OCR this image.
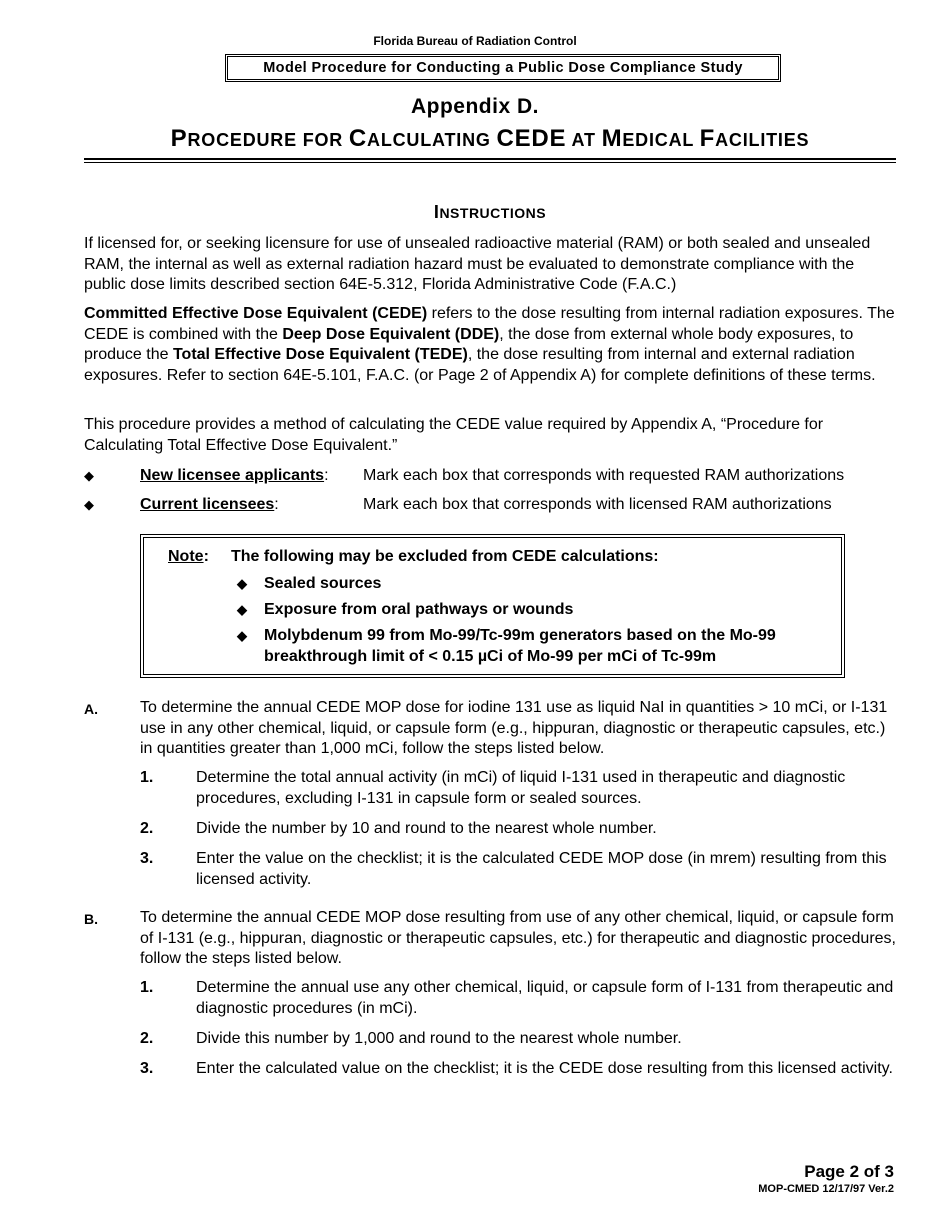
Florida Bureau of Radiation Control
Model Procedure for Conducting a Public Dose Compliance Study
Appendix D.
PROCEDURE FOR CALCULATING CEDE AT MEDICAL FACILITIES
INSTRUCTIONS

If licensed for, or seeking licensure for use of unsealed radioactive material (RAM) or both sealed and unsealed RAM, the internal as well as external radiation hazard must be evaluated to demonstrate compliance with the public dose limits described section 64E-5.312, Florida Administrative Code (F.A.C.)

Committed Effective Dose Equivalent (CEDE) refers to the dose resulting from internal radiation exposures. The CEDE is combined with the Deep Dose Equivalent (DDE), the dose from external whole body exposures, to produce the Total Effective Dose Equivalent (TEDE), the dose resulting from internal and external radiation exposures. Refer to section 64E-5.101, F.A.C. (or Page 2 of Appendix A) for complete definitions of these terms.

This procedure provides a method of calculating the CEDE value required by Appendix A, “Procedure for Calculating Total Effective Dose Equivalent.”

◆	New licensee applicants: Mark each box that corresponds with requested RAM authorizations
◆	Current licensees:	Mark each box that corresponds with licensed RAM authorizations
Note: The following may be excluded from CEDE calculations:
◆ Sealed sources
◆ Exposure from oral pathways or wounds
◆ Molybdenum 99 from Mo-99/Tc-99m generators based on the Mo-99 breakthrough limit of < 0.15 µCi of Mo-99 per mCi of Tc-99m
A.	To determine the annual CEDE MOP dose for iodine 131 use as liquid NaI in quantities > 10 mCi, or I-131 use in any other chemical, liquid, or capsule form (e.g., hippuran, diagnostic or therapeutic capsules, etc.) in quantities greater than 1,000 mCi, follow the steps listed below.
1.	Determine the total annual activity (in mCi) of liquid I-131 used in therapeutic and diagnostic procedures, excluding I-131 in capsule form or sealed sources.
2.	Divide the number by 10 and round to the nearest whole number.
3.	Enter the value on the checklist; it is the calculated CEDE MOP dose (in mrem) resulting from this licensed activity.
B.	To determine the annual CEDE MOP dose resulting from use of any other chemical, liquid, or capsule form of I-131 (e.g., hippuran, diagnostic or therapeutic capsules, etc.) for therapeutic and diagnostic procedures, follow the steps listed below.
1.	Determine the annual use any other chemical, liquid, or capsule form of I-131 from therapeutic and diagnostic procedures (in mCi).
2.	Divide this number by 1,000 and round to the nearest whole number.
3.	Enter the calculated value on the checklist; it is the CEDE dose resulting from this licensed activity.
Page 2 of 3
MOP-CMED 12/17/97 Ver.2
